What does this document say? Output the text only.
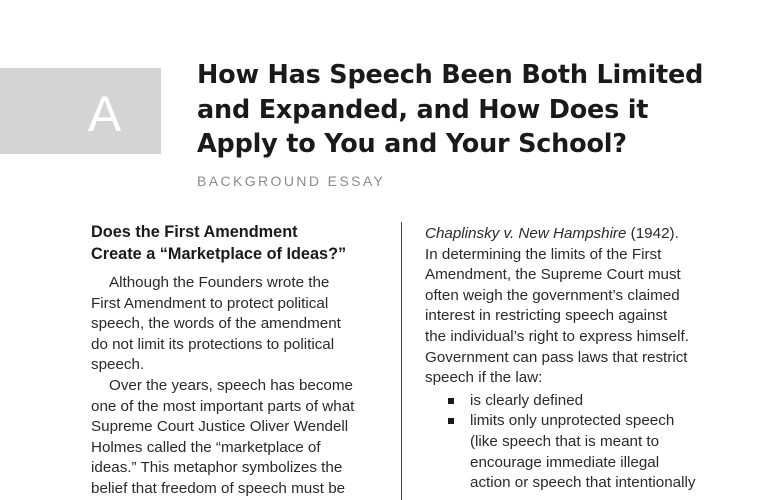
A
How Has Speech Been Both Limited
and Expanded, and How Does it
Apply to You and Your School?
BACKGROUND ESSAY
Does the First Amendment
Create a “Marketplace of Ideas?”

Although the Founders wrote the
First Amendment to protect political
speech, the words of the amendment
do not limit its protections to political
speech.

Over the years, speech has become
one of the most important parts of what
Supreme Court Justice Oliver Wendell
Holmes called the “marketplace of
ideas.” This metaphor symbolizes the
belief that freedom of speech must be

Chaplinsky v. New Hampshire (1942).
In determining the limits of the First
Amendment, the Supreme Court must
often weigh the government’s claimed
interest in restricting speech against
the individual’s right to express himself.
Government can pass laws that restrict
speech if the law:

is clearly defined
limits only unprotected speech
(like speech that is meant to
encourage immediate illegal
action or speech that intentionally
